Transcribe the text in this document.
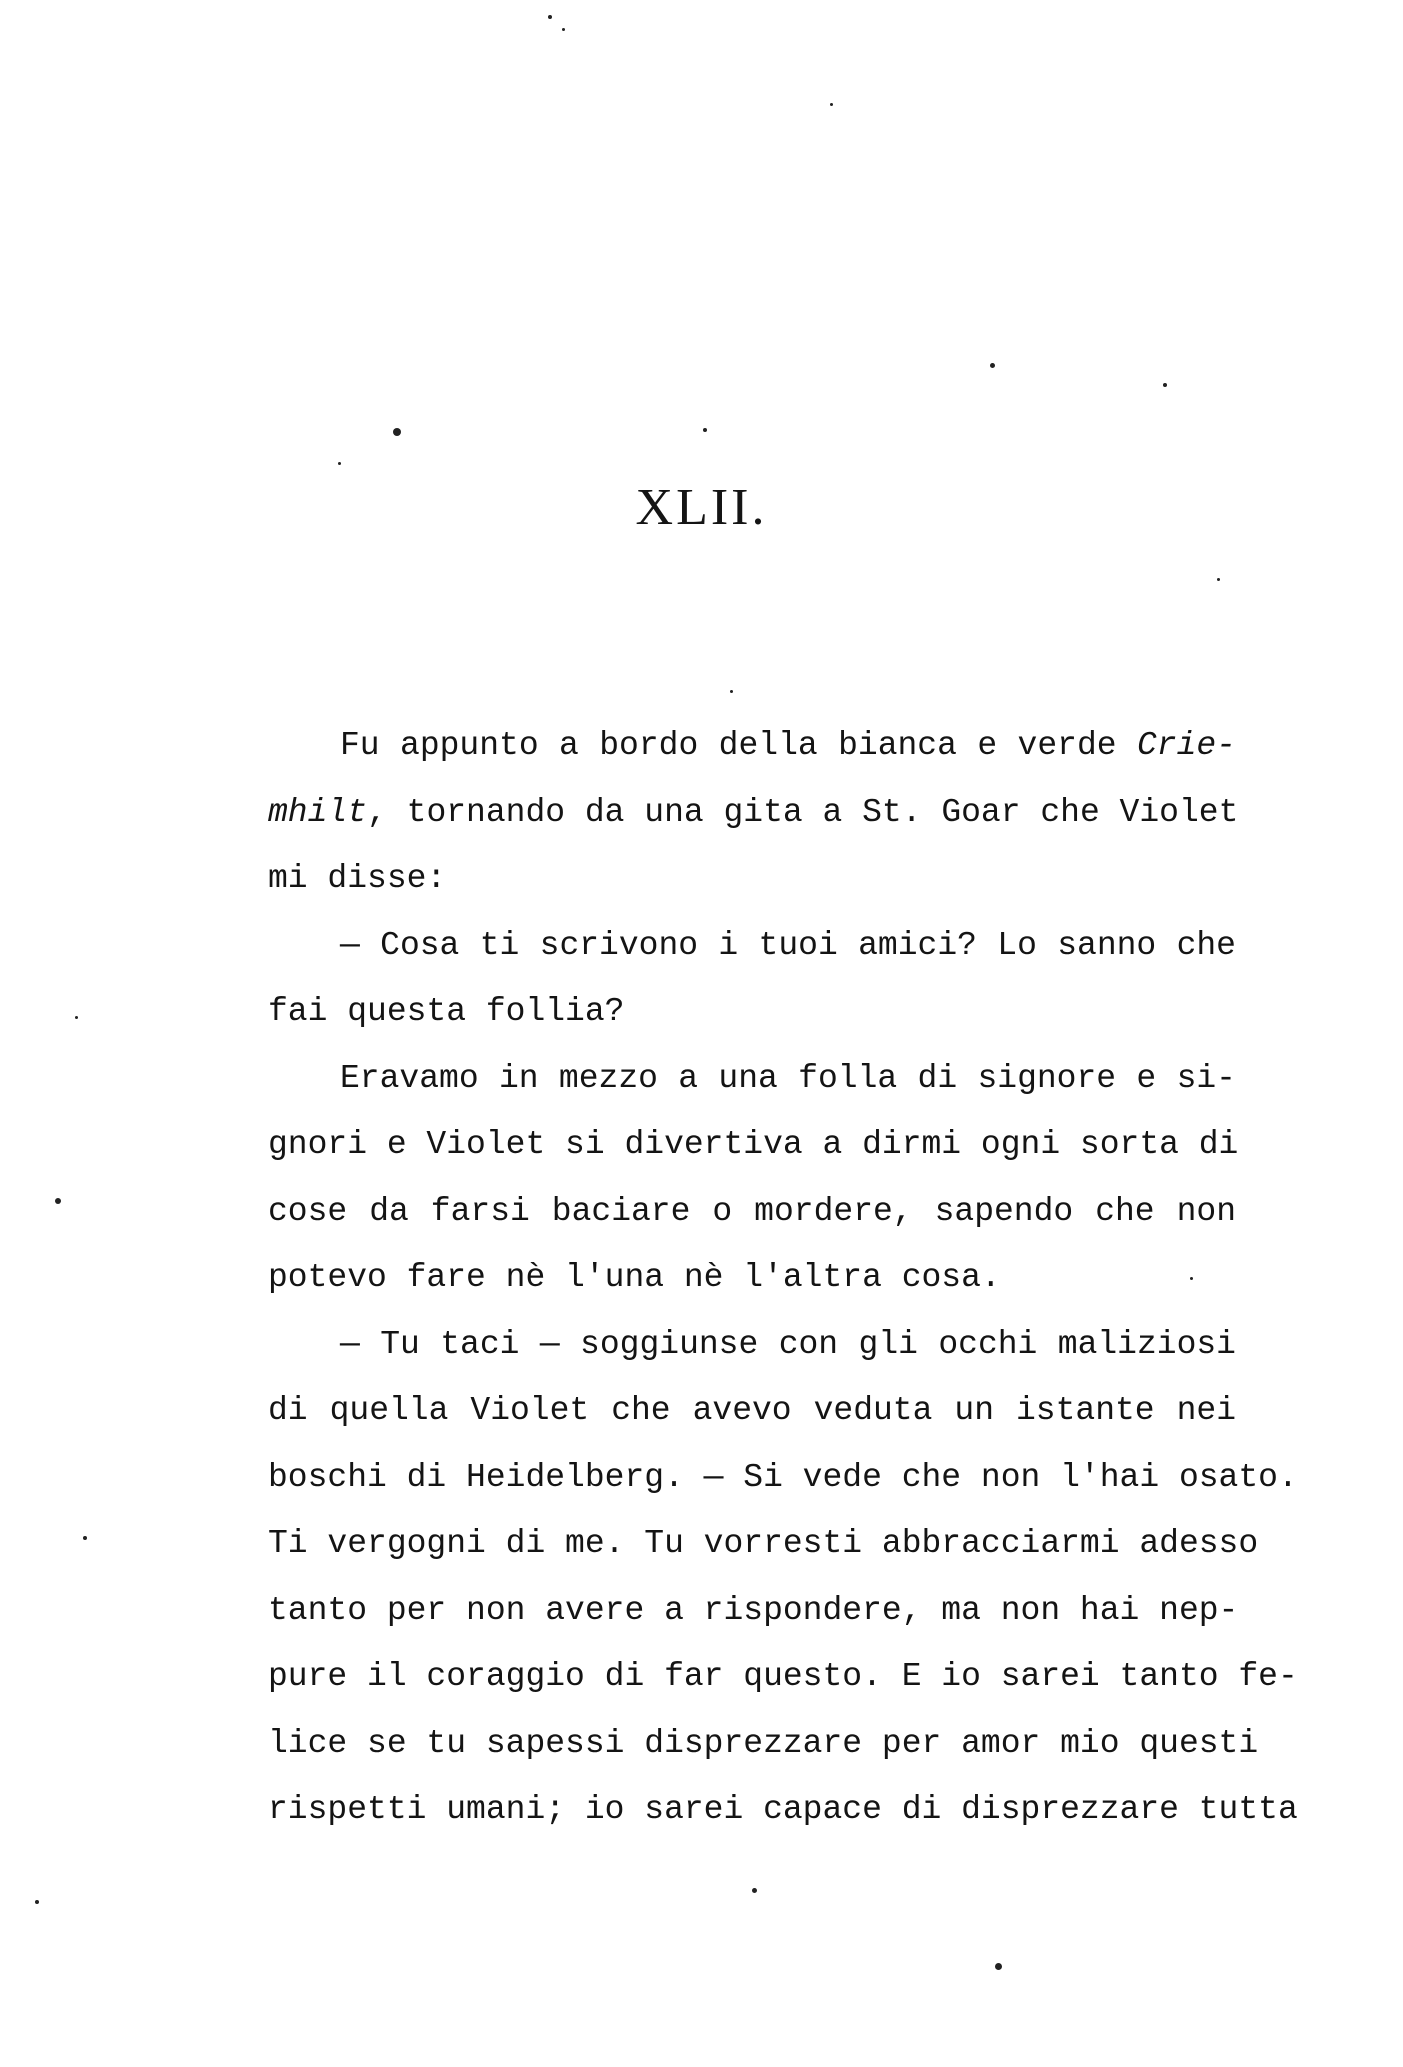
XLII.
Fu appunto a bordo della bianca e verde Crie-
mhilt, tornando da una gita a St. Goar che Violet
mi disse:
— Cosa ti scrivono i tuoi amici? Lo sanno che
fai questa follia?
Eravamo in mezzo a una folla di signore e si-
gnori e Violet si divertiva a dirmi ogni sorta di
cose da farsi baciare o mordere, sapendo che non
potevo fare nè l'una nè l'altra cosa.
— Tu taci — soggiunse con gli occhi maliziosi
di quella Violet che avevo veduta un istante nei
boschi di Heidelberg. — Si vede che non l'hai osato.
Ti vergogni di me. Tu vorresti abbracciarmi adesso
tanto per non avere a rispondere, ma non hai nep-
pure il coraggio di far questo. E io sarei tanto fe-
lice se tu sapessi disprezzare per amor mio questi
rispetti umani; io sarei capace di disprezzare tutta
